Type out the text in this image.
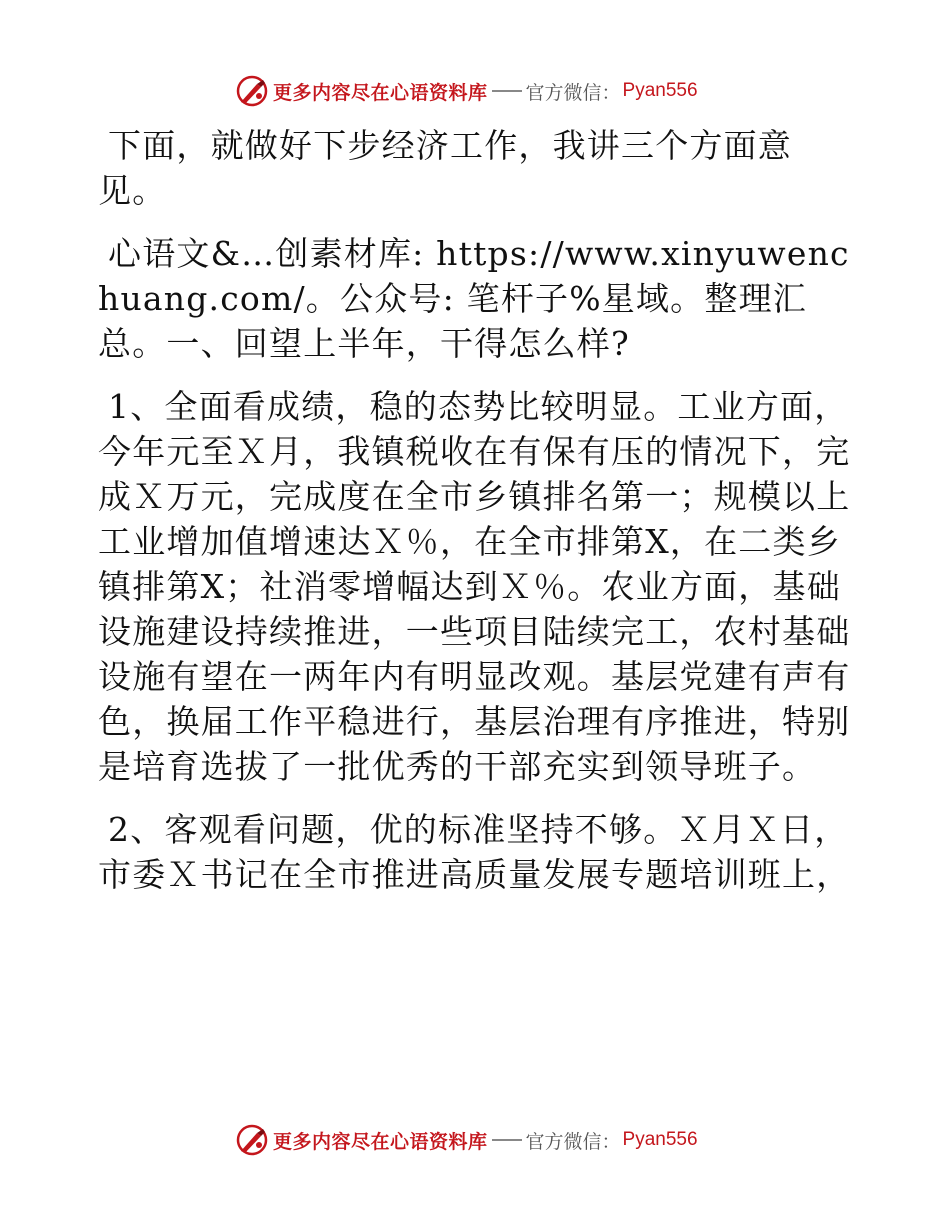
更多内容尽在心语资料库 官方微信： Pyan556

下面，就做好下步经济工作，我讲三个方面意见。

心语文&…创素材库: https://www.xinyuwenchuang.com/。公众号: 笔杆子%星域。整理汇总。一、回望上半年，干得怎么样?

1、全面看成绩，稳的态势比较明显。工业方面，今年元至Ｘ月，我镇税收在有保有压的情况下，完成Ｘ万元，完成度在全市乡镇排名第一；规模以上工业增加值增速达Ｘ％，在全市排第X，在二类乡镇排第X；社消零增幅达到Ｘ％。农业方面，基础设施建设持续推进，一些项目陆续完工，农村基础设施有望在一两年内有明显改观。基层党建有声有色，换届工作平稳进行，基层治理有序推进，特别是培育选拔了一批优秀的干部充实到领导班子。

2、客观看问题，优的标准坚持不够。Ｘ月Ｘ日，市委Ｘ书记在全市推进高质量发展专题培训班上，

更多内容尽在心语资料库 官方微信： Pyan556
